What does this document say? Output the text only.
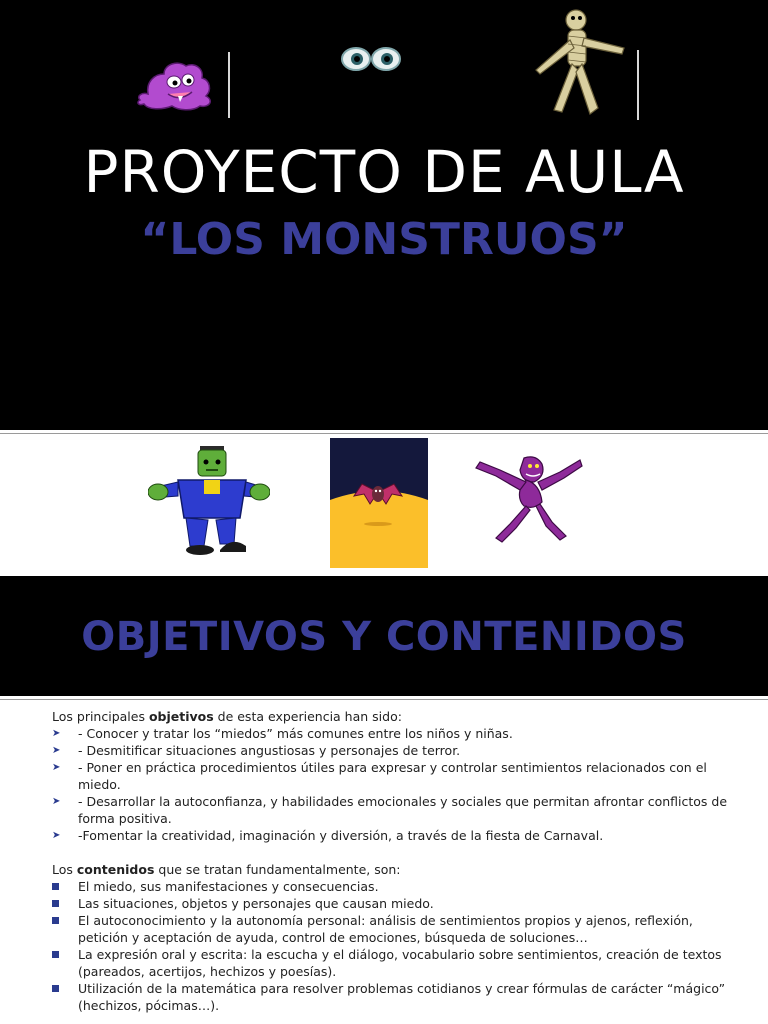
PROYECTO DE AULA
“LOS MONSTRUOS”
OBJETIVOS Y CONTENIDOS

Los principales objetivos de esta experiencia han sido:

➤	- Conocer y tratar los “miedos” más comunes entre los niños y niñas.
➤	- Desmitificar situaciones angustiosas y personajes de terror.
➤	- Poner en práctica procedimientos útiles para expresar y controlar sentimientos relacionados con el miedo.
➤	- Desarrollar la autoconfianza, y habilidades emocionales y sociales que permitan afrontar conflictos de forma positiva.
➤	-Fomentar la creatividad, imaginación y diversión, a través de la fiesta de Carnaval.

Los contenidos que se tratan fundamentalmente, son:

El miedo, sus manifestaciones y consecuencias.
Las situaciones, objetos y personajes que causan miedo.
El autoconocimiento y la autonomía personal: análisis de sentimientos propios y ajenos, reflexión, petición y aceptación de ayuda, control de emociones, búsqueda de soluciones…
La expresión oral y escrita: la escucha y el diálogo, vocabulario sobre sentimientos, creación de textos (pareados, acertijos, hechizos y poesías).
Utilización de la matemática para resolver problemas cotidianos y crear fórmulas de carácter “mágico” (hechizos, pócimas…).
